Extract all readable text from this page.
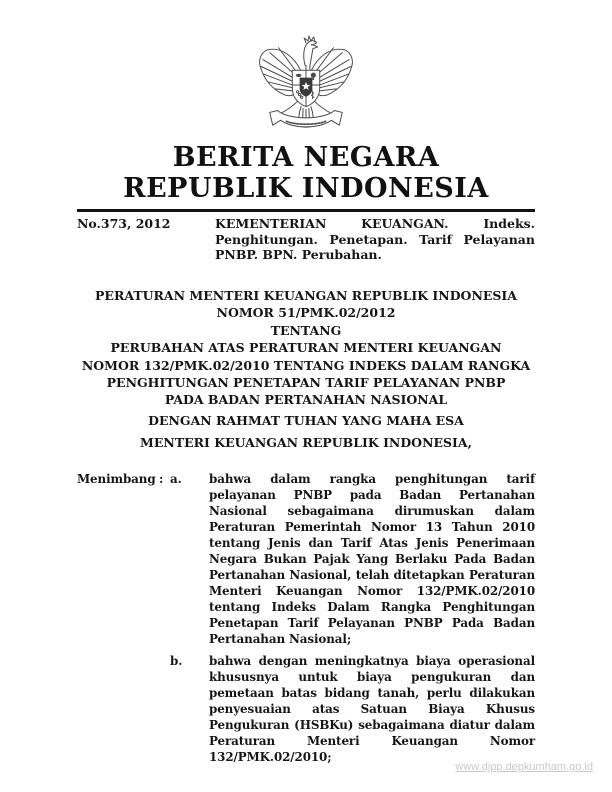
BERITA NEGARA
REPUBLIK INDONESIA
No.373, 2012	KEMENTERIAN KEUANGAN. Indeks. Penghitungan. Penetapan. Tarif Pelayanan PNBP. BPN. Perubahan.
PERATURAN MENTERI KEUANGAN REPUBLIK INDONESIA
NOMOR 51/PMK.02/2012
TENTANG
PERUBAHAN ATAS PERATURAN MENTERI KEUANGAN
NOMOR 132/PMK.02/2010 TENTANG INDEKS DALAM RANGKA
PENGHITUNGAN PENETAPAN TARIF PELAYANAN PNBP
PADA BADAN PERTANAHAN NASIONAL
DENGAN RAHMAT TUHAN YANG MAHA ESA
MENTERI KEUANGAN REPUBLIK INDONESIA,
Menimbang : a.	bahwa dalam rangka penghitungan tarif pelayanan PNBP pada Badan Pertanahan Nasional sebagaimana dirumuskan dalam Peraturan Pemerintah Nomor 13 Tahun 2010 tentang Jenis dan Tarif Atas Jenis Penerimaan Negara Bukan Pajak Yang Berlaku Pada Badan Pertanahan Nasional, telah ditetapkan Peraturan Menteri Keuangan Nomor 132/PMK.02/2010 tentang Indeks Dalam Rangka Penghitungan Penetapan Tarif Pelayanan PNBP Pada Badan Pertanahan Nasional;
b.	bahwa dengan meningkatnya biaya operasional khususnya untuk biaya pengukuran dan pemetaan batas bidang tanah, perlu dilakukan penyesuaian atas Satuan Biaya Khusus Pengukuran (HSBKu) sebagaimana diatur dalam Peraturan Menteri Keuangan Nomor 132/PMK.02/2010;
www.djpp.depkumham.go.id
